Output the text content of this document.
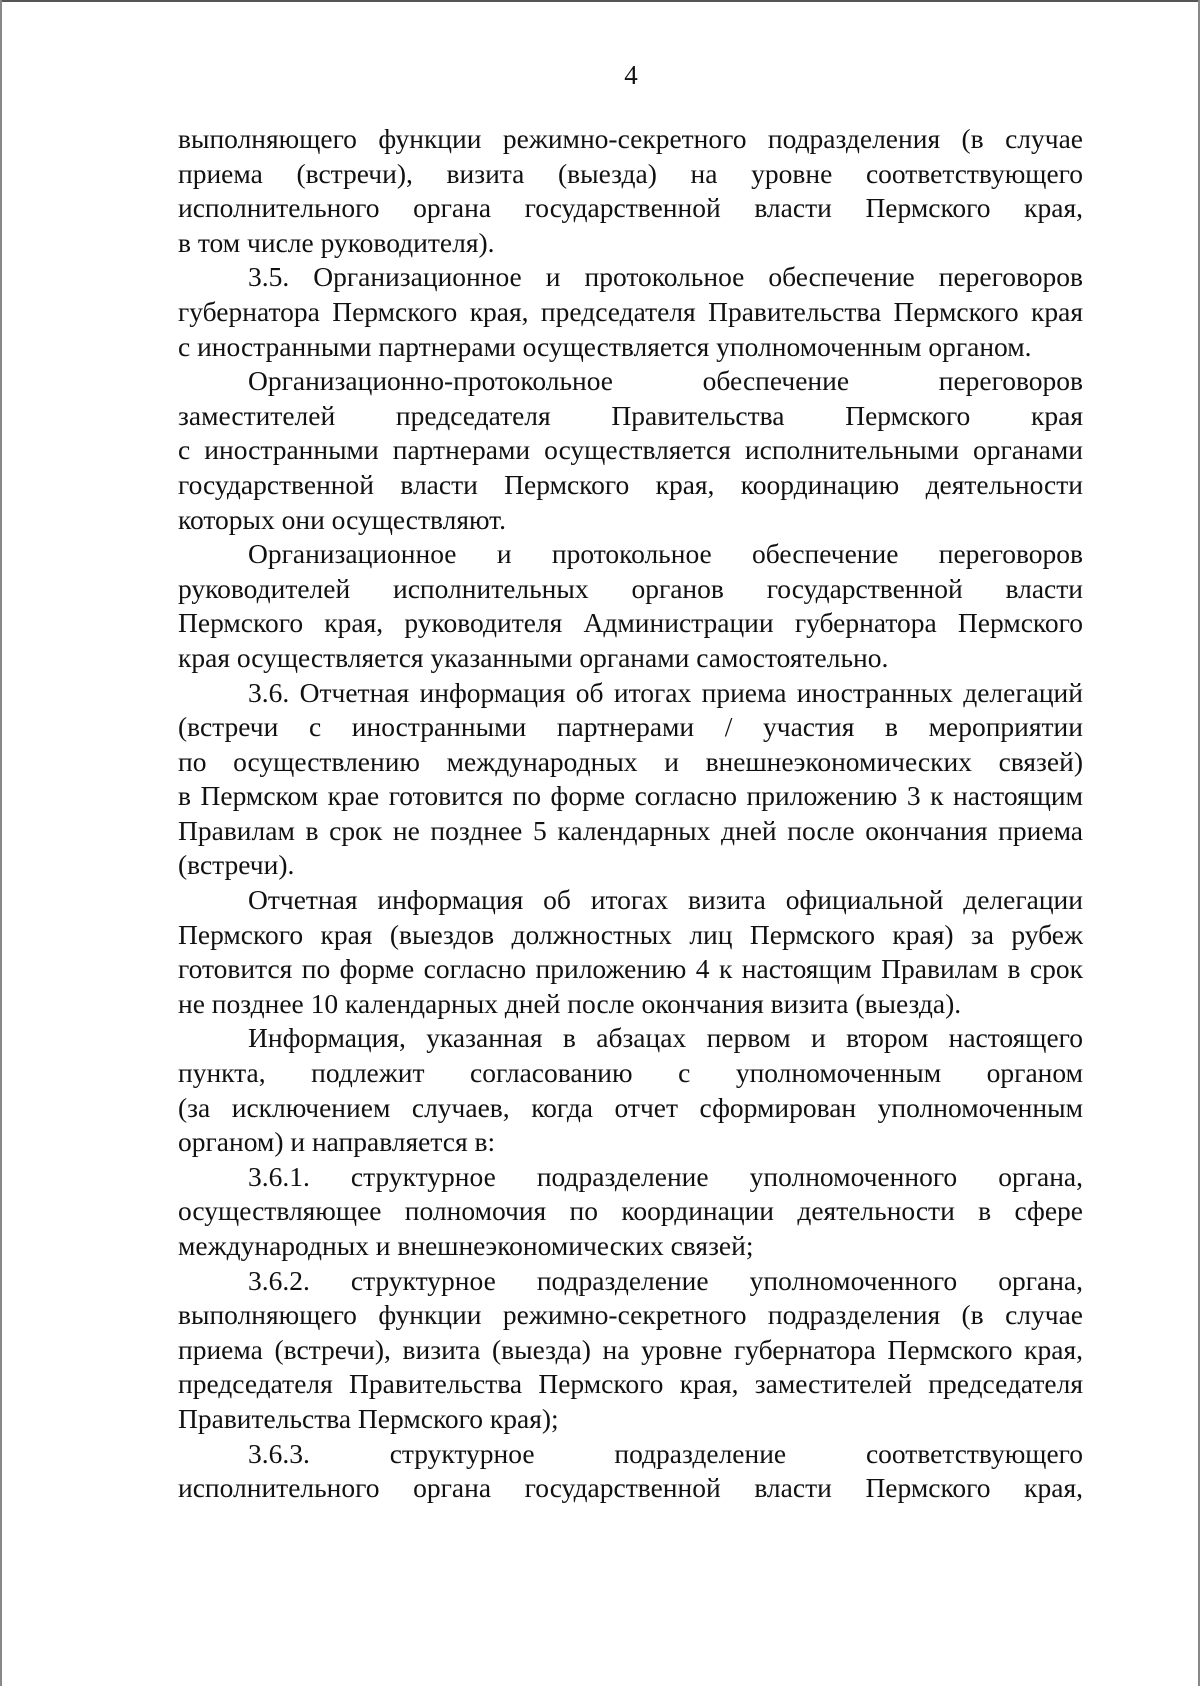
4

выполняющего функции режимно-секретного подразделения (в случае
приема (встречи), визита (выезда) на уровне соответствующего
исполнительного органа государственной власти Пермского края,
в том числе руководителя).

3.5. Организационное и протокольное обеспечение переговоров
губернатора Пермского края, председателя Правительства Пермского края
с иностранными партнерами осуществляется уполномоченным органом.

Организационно-протокольное обеспечение переговоров
заместителей председателя Правительства Пермского края
с иностранными партнерами осуществляется исполнительными органами
государственной власти Пермского края, координацию деятельности
которых они осуществляют.

Организационное и протокольное обеспечение переговоров
руководителей исполнительных органов государственной власти
Пермского края, руководителя Администрации губернатора Пермского
края осуществляется указанными органами самостоятельно.

3.6. Отчетная информация об итогах приема иностранных делегаций
(встречи с иностранными партнерами / участия в мероприятии
по осуществлению международных и внешнеэкономических связей)
в Пермском крае готовится по форме согласно приложению 3 к настоящим
Правилам в срок не позднее 5 календарных дней после окончания приема
(встречи).

Отчетная информация об итогах визита официальной делегации
Пермского края (выездов должностных лиц Пермского края) за рубеж
готовится по форме согласно приложению 4 к настоящим Правилам в срок
не позднее 10 календарных дней после окончания визита (выезда).

Информация, указанная в абзацах первом и втором настоящего
пункта, подлежит согласованию с уполномоченным органом
(за исключением случаев, когда отчет сформирован уполномоченным
органом) и направляется в:

3.6.1. структурное подразделение уполномоченного органа,
осуществляющее полномочия по координации деятельности в сфере
международных и внешнеэкономических связей;

3.6.2. структурное подразделение уполномоченного органа,
выполняющего функции режимно-секретного подразделения (в случае
приема (встречи), визита (выезда) на уровне губернатора Пермского края,
председателя Правительства Пермского края, заместителей председателя
Правительства Пермского края);

3.6.3. структурное подразделение соответствующего
исполнительного органа государственной власти Пермского края,
